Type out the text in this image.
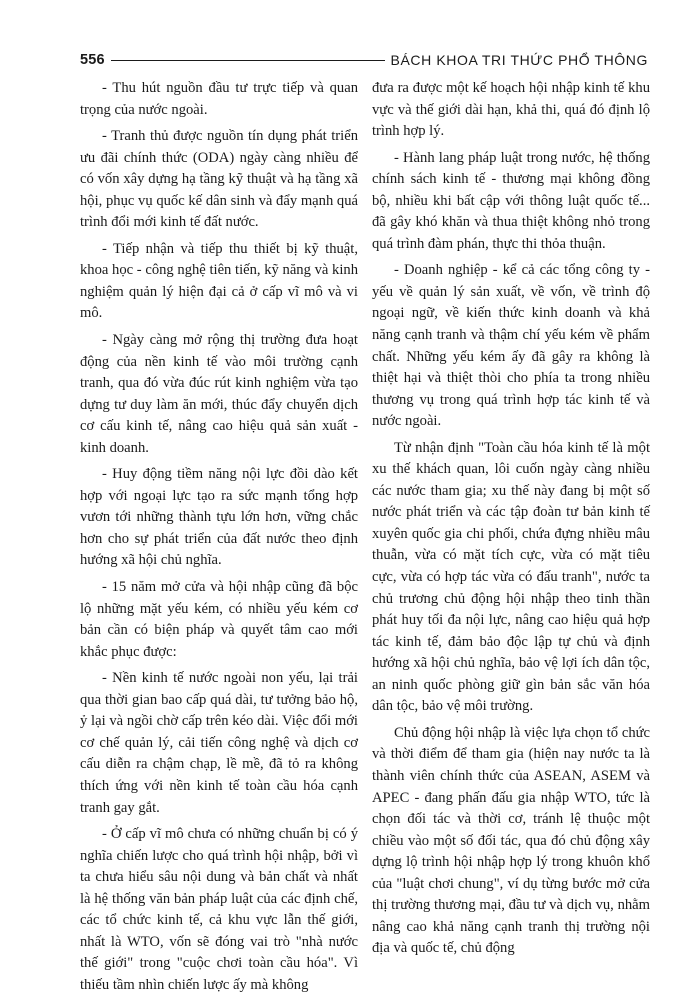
556	BÁCH KHOA TRI THỨC PHỔ THÔNG

- Thu hút nguồn đầu tư trực tiếp và quan trọng của nước ngoài.

- Tranh thủ được nguồn tín dụng phát triển ưu đãi chính thức (ODA) ngày càng nhiều để có vốn xây dựng hạ tầng kỹ thuật và hạ tầng xã hội, phục vụ quốc kế dân sinh và đẩy mạnh quá trình đổi mới kinh tế đất nước.

- Tiếp nhận và tiếp thu thiết bị kỹ thuật, khoa học - công nghệ tiên tiến, kỹ năng và kinh nghiệm quản lý hiện đại cả ở cấp vĩ mô và vi mô.

- Ngày càng mở rộng thị trường đưa hoạt động của nền kinh tế vào môi trường cạnh tranh, qua đó vừa đúc rút kinh nghiệm vừa tạo dựng tư duy làm ăn mới, thúc đẩy chuyển dịch cơ cấu kinh tế, nâng cao hiệu quả sản xuất - kinh doanh.

- Huy động tiềm năng nội lực đồi dào kết hợp với ngoại lực tạo ra sức mạnh tổng hợp vươn tới những thành tựu lớn hơn, vững chắc hơn cho sự phát triển của đất nước theo định hướng xã hội chủ nghĩa.

- 15 năm mở cửa và hội nhập cũng đã bộc lộ những mặt yếu kém, có nhiều yếu kém cơ bản cần có biện pháp và quyết tâm cao mới khắc phục được:

- Nền kinh tế nước ngoài non yếu, lại trải qua thời gian bao cấp quá dài, tư tưởng bảo hộ, ỷ lại và ngồi chờ cấp trên kéo dài. Việc đổi mới cơ chế quản lý, cải tiến công nghệ và dịch cơ cấu diễn ra chậm chạp, lề mề, đã tỏ ra không thích ứng với nền kinh tế toàn cầu hóa cạnh tranh gay gắt.

- Ở cấp vĩ mô chưa có những chuẩn bị có ý nghĩa chiến lược cho quá trình hội nhập, bởi vì ta chưa hiểu sâu nội dung và bản chất và nhất là hệ thống văn bản pháp luật của các định chế, các tổ chức kinh tế, cả khu vực lẫn thế giới, nhất là WTO, vốn sẽ đóng vai trò "nhà nước thế giới" trong "cuộc chơi toàn cầu hóa". Vì thiếu tầm nhìn chiến lược ấy mà không

đưa ra được một kế hoạch hội nhập kinh tế khu vực và thế giới dài hạn, khả thi, quá đó định lộ trình hợp lý.

- Hành lang pháp luật trong nước, hệ thống chính sách kinh tế - thương mại không đồng bộ, nhiều khi bất cập với thông luật quốc tế... đã gây khó khăn và thua thiệt không nhỏ trong quá trình đàm phán, thực thi thỏa thuận.

- Doanh nghiệp - kể cả các tổng công ty - yếu về quản lý sản xuất, về vốn, về trình độ ngoại ngữ, về kiến thức kinh doanh và khả năng cạnh tranh và thậm chí yếu kém về phẩm chất. Những yếu kém ấy đã gây ra không là thiệt hại và thiệt thòi cho phía ta trong nhiều thương vụ trong quá trình hợp tác kinh tế và nước ngoài.

Từ nhận định "Toàn cầu hóa kinh tế là một xu thế khách quan, lôi cuốn ngày càng nhiều các nước tham gia; xu thế này đang bị một số nước phát triển và các tập đoàn tư bản kinh tế xuyên quốc gia chi phối, chứa đựng nhiều mâu thuẫn, vừa có mặt tích cực, vừa có mặt tiêu cực, vừa có hợp tác vừa có đấu tranh", nước ta chủ trương chủ động hội nhập theo tinh thần phát huy tối đa nội lực, nâng cao hiệu quả hợp tác kinh tế, đảm bảo độc lập tự chủ và định hướng xã hội chủ nghĩa, bảo vệ lợi ích dân tộc, an ninh quốc phòng giữ gìn bản sắc văn hóa dân tộc, bảo vệ môi trường.

Chủ động hội nhập là việc lựa chọn tổ chức và thời điểm để tham gia (hiện nay nước ta là thành viên chính thức của ASEAN, ASEM và APEC - đang phấn đấu gia nhập WTO, tức là chọn đối tác và thời cơ, tránh lệ thuộc một chiều vào một số đối tác, qua đó chủ động xây dựng lộ trình hội nhập hợp lý trong khuôn khổ của "luật chơi chung", ví dụ từng bước mở cửa thị trường thương mại, đầu tư và dịch vụ, nhằm nâng cao khả năng cạnh tranh thị trường nội địa và quốc tế, chủ động
